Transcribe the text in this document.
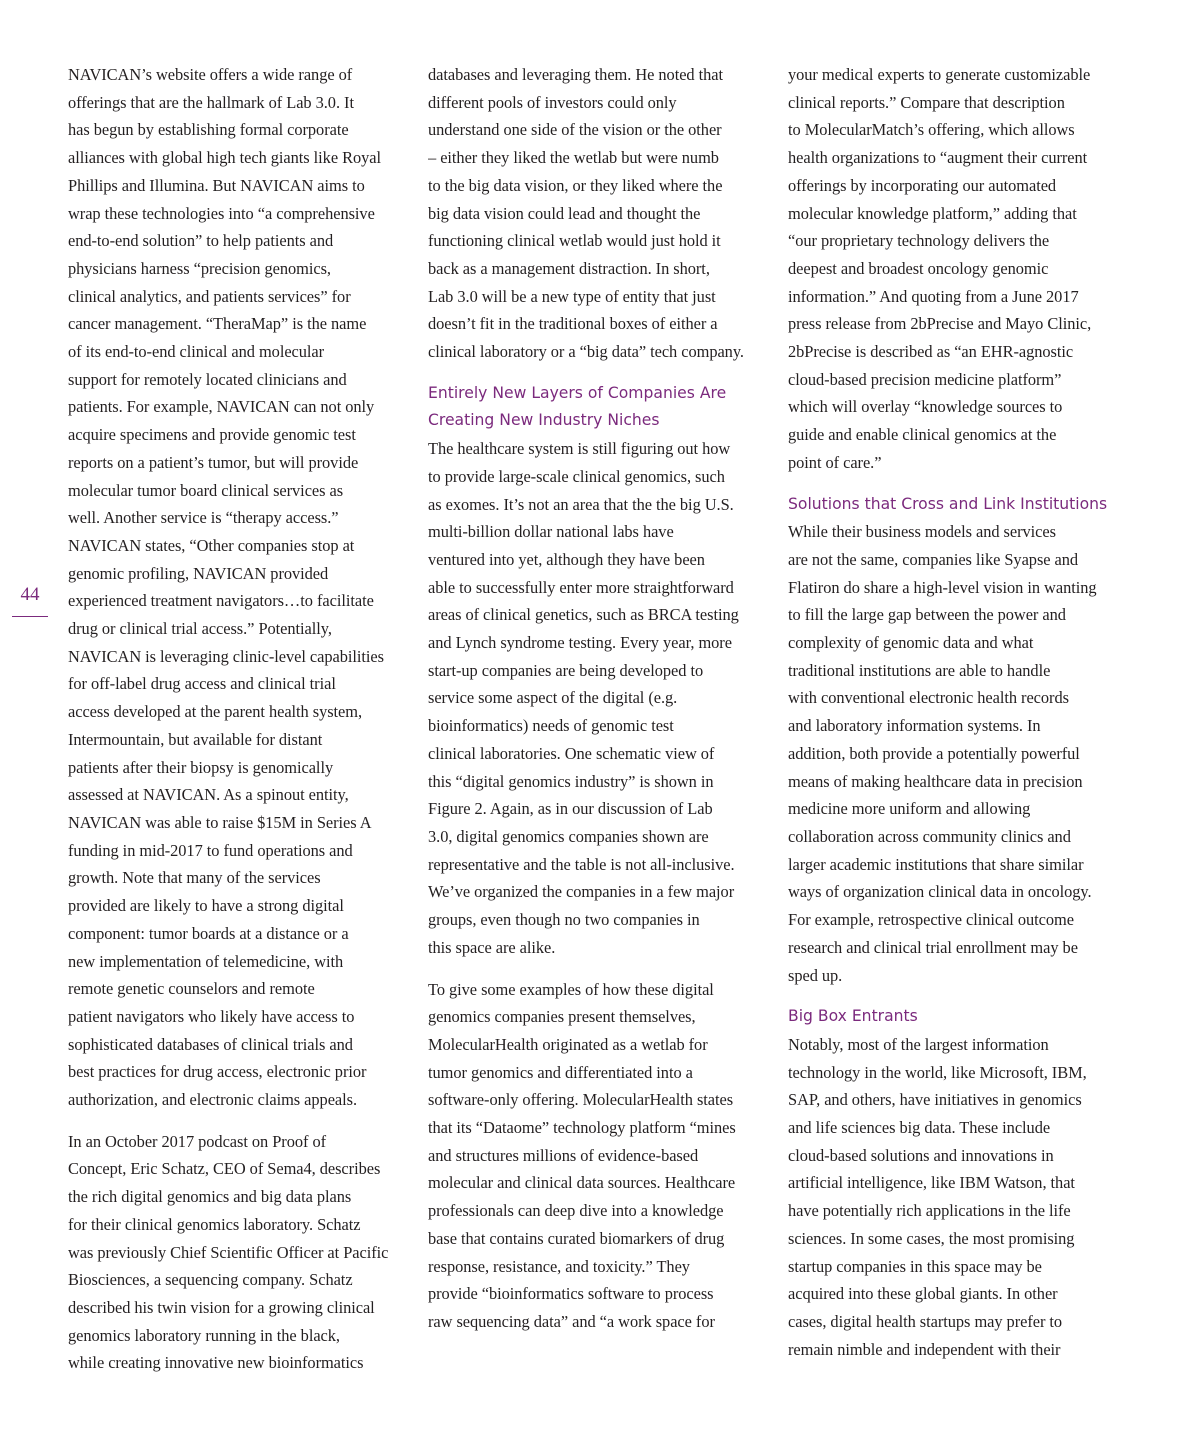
44

NAVICAN’s website offers a wide range of

offerings that are the hallmark of Lab 3.0. It

has begun by establishing formal corporate

alliances with global high tech giants like Royal

Phillips and Illumina. But NAVICAN aims to

wrap these technologies into “a comprehensive

end-to-end solution” to help patients and

physicians harness “precision genomics,

clinical analytics, and patients services” for

cancer management. “TheraMap” is the name

of its end-to-end clinical and molecular

support for remotely located clinicians and

patients. For example, NAVICAN can not only

acquire specimens and provide genomic test

reports on a patient’s tumor, but will provide

molecular tumor board clinical services as

well. Another service is “therapy access.”

NAVICAN states, “Other companies stop at

genomic profiling, NAVICAN provided

experienced treatment navigators…to facilitate

drug or clinical trial access.” Potentially,

NAVICAN is leveraging clinic-level capabilities

for off-label drug access and clinical trial

access developed at the parent health system,

Intermountain, but available for distant

patients after their biopsy is genomically

assessed at NAVICAN. As a spinout entity,

NAVICAN was able to raise $15M in Series A

funding in mid-2017 to fund operations and

growth. Note that many of the services

provided are likely to have a strong digital

component: tumor boards at a distance or a

new implementation of telemedicine, with

remote genetic counselors and remote

patient navigators who likely have access to

sophisticated databases of clinical trials and

best practices for drug access, electronic prior

authorization, and electronic claims appeals.

In an October 2017 podcast on Proof of

Concept, Eric Schatz, CEO of Sema4, describes

the rich digital genomics and big data plans

for their clinical genomics laboratory. Schatz

was previously Chief Scientific Officer at Pacific

Biosciences, a sequencing company. Schatz

described his twin vision for a growing clinical

genomics laboratory running in the black,

while creating innovative new bioinformatics

databases and leveraging them. He noted that

different pools of investors could only

understand one side of the vision or the other

– either they liked the wetlab but were numb

to the big data vision, or they liked where the

big data vision could lead and thought the

functioning clinical wetlab would just hold it

back as a management distraction. In short,

Lab 3.0 will be a new type of entity that just

doesn’t fit in the traditional boxes of either a

clinical laboratory or a “big data” tech company.

Entirely New Layers of Companies Are
Creating New Industry Niches

The healthcare system is still figuring out how

to provide large-scale clinical genomics, such

as exomes. It’s not an area that the the big U.S.

multi-billion dollar national labs have

ventured into yet, although they have been

able to successfully enter more straightforward

areas of clinical genetics, such as BRCA testing

and Lynch syndrome testing. Every year, more

start-up companies are being developed to

service some aspect of the digital (e.g.

bioinformatics) needs of genomic test

clinical laboratories. One schematic view of

this “digital genomics industry” is shown in

Figure 2. Again, as in our discussion of Lab

3.0, digital genomics companies shown are

representative and the table is not all-inclusive.

We’ve organized the companies in a few major

groups, even though no two companies in

this space are alike.

To give some examples of how these digital

genomics companies present themselves,

MolecularHealth originated as a wetlab for

tumor genomics and differentiated into a

software-only offering. MolecularHealth states

that its “Dataome” technology platform “mines

and structures millions of evidence-based

molecular and clinical data sources. Healthcare

professionals can deep dive into a knowledge

base that contains curated biomarkers of drug

response, resistance, and toxicity.” They

provide “bioinformatics software to process

raw sequencing data” and “a work space for

your medical experts to generate customizable

clinical reports.” Compare that description

to MolecularMatch’s offering, which allows

health organizations to “augment their current

offerings by incorporating our automated

molecular knowledge platform,” adding that

“our proprietary technology delivers the

deepest and broadest oncology genomic

information.” And quoting from a June 2017

press release from 2bPrecise and Mayo Clinic,

2bPrecise is described as “an EHR-agnostic

cloud-based precision medicine platform”

which will overlay “knowledge sources to

guide and enable clinical genomics at the

point of care.”

Solutions that Cross and Link Institutions

While their business models and services

are not the same, companies like Syapse and

Flatiron do share a high-level vision in wanting

to fill the large gap between the power and

complexity of genomic data and what

traditional institutions are able to handle

with conventional electronic health records

and laboratory information systems. In

addition, both provide a potentially powerful

means of making healthcare data in precision

medicine more uniform and allowing

collaboration across community clinics and

larger academic institutions that share similar

ways of organization clinical data in oncology.

For example, retrospective clinical outcome

research and clinical trial enrollment may be

sped up.

Big Box Entrants

Notably, most of the largest information

technology in the world, like Microsoft, IBM,

SAP, and others, have initiatives in genomics

and life sciences big data. These include

cloud-based solutions and innovations in

artificial intelligence, like IBM Watson, that

have potentially rich applications in the life

sciences. In some cases, the most promising

startup companies in this space may be

acquired into these global giants. In other

cases, digital health startups may prefer to

remain nimble and independent with their
